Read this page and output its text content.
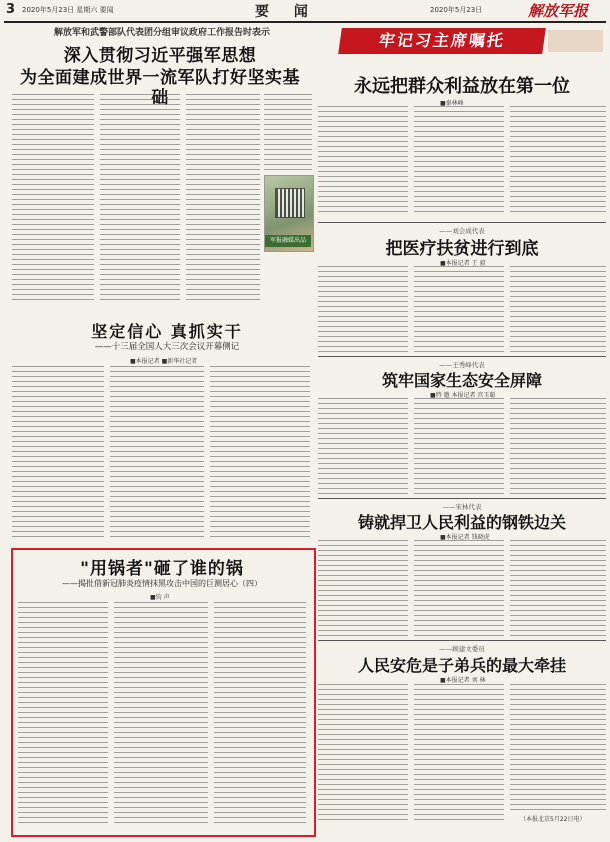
3 2020年5月23日 星期六 要闻	要 闻	2020年5月23日	解放军报
解放军和武警部队代表团分组审议政府工作报告时表示
深入贯彻习近平强军思想
为全面建成世界一流军队打好坚实基础
军报融媒出品
坚定信心 真抓实干
——十三届全国人大三次会议开幕侧记
■本报记者 ■新华社记者
"用锅者"砸了谁的锅
——揭批借新冠肺炎疫情抹黑攻击中国的巨测居心（四）
■钧 声
牢记习主席嘱托
永远把群众利益放在第一位
■秦林峰
——刘会成代表
把医疗扶贫进行到底
■本报记者 王 毅
——王秀峰代表
筑牢国家生态安全屏障
■特 邀 本报记者 宫玉聪
——宋林代表
铸就捍卫人民利益的钢铁边关
■本报记者 钱晓虎
——顾建文委员
人民安危是子弟兵的最大牵挂
■本报记者 刘 林
（本报北京5月22日电）
